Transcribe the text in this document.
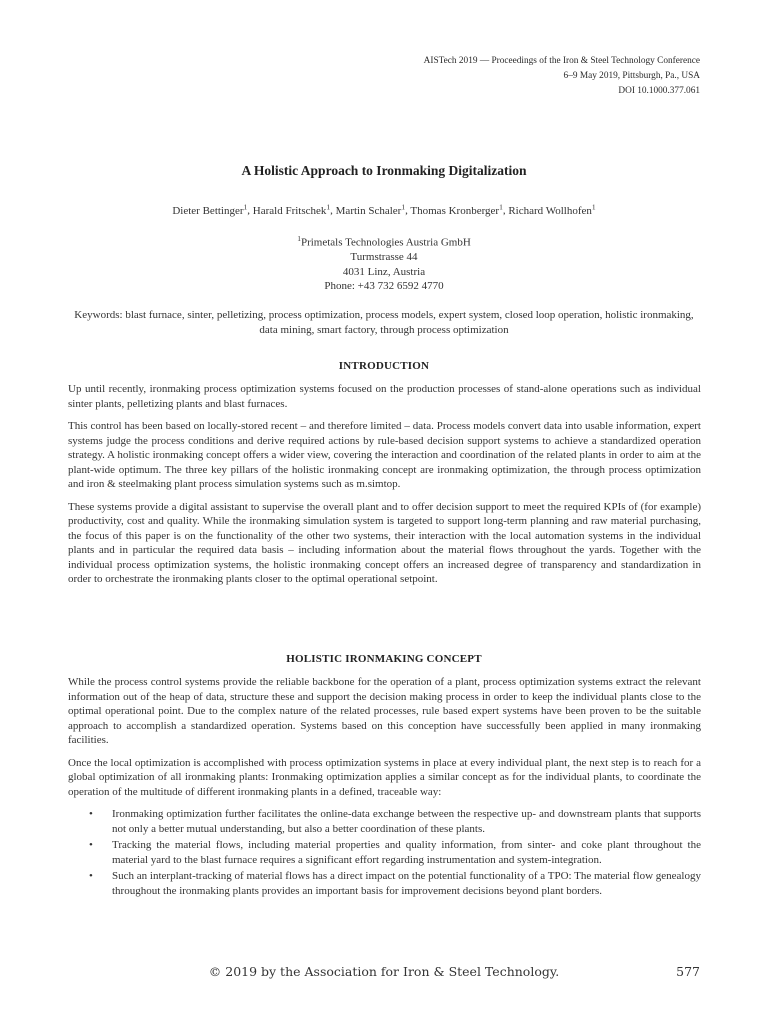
AISTech 2019 — Proceedings of the Iron & Steel Technology Conference
6–9 May 2019, Pittsburgh, Pa., USA
DOI 10.1000.377.061
A Holistic Approach to Ironmaking Digitalization
Dieter Bettinger$^1$, Harald Fritschek$^1$, Martin Schaler$^1$, Thomas Kronberger$^1$, Richard Wollhofen$^1$
$^1$Primetals Technologies Austria GmbH
Turmstrasse 44
4031 Linz, Austria
Phone: +43 732 6592 4770
Keywords: blast furnace, sinter, pelletizing, process optimization, process models, expert system, closed loop operation, holistic ironmaking, data mining, smart factory, through process optimization
INTRODUCTION

Up until recently, ironmaking process optimization systems focused on the production processes of stand-alone operations such as individual sinter plants, pelletizing plants and blast furnaces.

This control has been based on locally-stored recent – and therefore limited – data. Process models convert data into usable information, expert systems judge the process conditions and derive required actions by rule-based decision support systems to achieve a standardized operation strategy. A holistic ironmaking concept offers a wider view, covering the interaction and coordination of the related plants in order to aim at the plant-wide optimum. The three key pillars of the holistic ironmaking concept are ironmaking optimization, the through process optimization and iron & steelmaking plant process simulation systems such as m.simtop.

These systems provide a digital assistant to supervise the overall plant and to offer decision support to meet the required KPIs of (for example) productivity, cost and quality. While the ironmaking simulation system is targeted to support long-term planning and raw material purchasing, the focus of this paper is on the functionality of the other two systems, their interaction with the local automation systems in the individual plants and in particular the required data basis – including information about the material flows throughout the yards. Together with the individual process optimization systems, the holistic ironmaking concept offers an increased degree of transparency and standardization in order to orchestrate the ironmaking plants closer to the optimal operational setpoint.

HOLISTIC IRONMAKING CONCEPT

While the process control systems provide the reliable backbone for the operation of a plant, process optimization systems extract the relevant information out of the heap of data, structure these and support the decision making process in order to keep the individual plants close to the optimal operational point. Due to the complex nature of the related processes, rule based expert systems have been proven to be the suitable approach to accomplish a standardized operation. Systems based on this conception have successfully been applied in many ironmaking facilities.

Once the local optimization is accomplished with process optimization systems in place at every individual plant, the next step is to reach for a global optimization of all ironmaking plants: Ironmaking optimization applies a similar concept as for the individual plants, to coordinate the operation of the multitude of different ironmaking plants in a defined, traceable way:

• Ironmaking optimization further facilitates the online-data exchange between the respective up- and downstream plants that supports not only a better mutual understanding, but also a better coordination of these plants.
• Tracking the material flows, including material properties and quality information, from sinter- and coke plant throughout the material yard to the blast furnace requires a significant effort regarding instrumentation and system-integration.
• Such an interplant-tracking of material flows has a direct impact on the potential functionality of a TPO: The material flow genealogy throughout the ironmaking plants provides an important basis for improvement decisions beyond plant borders.
© 2019 by the Association for Iron & Steel Technology.	577
